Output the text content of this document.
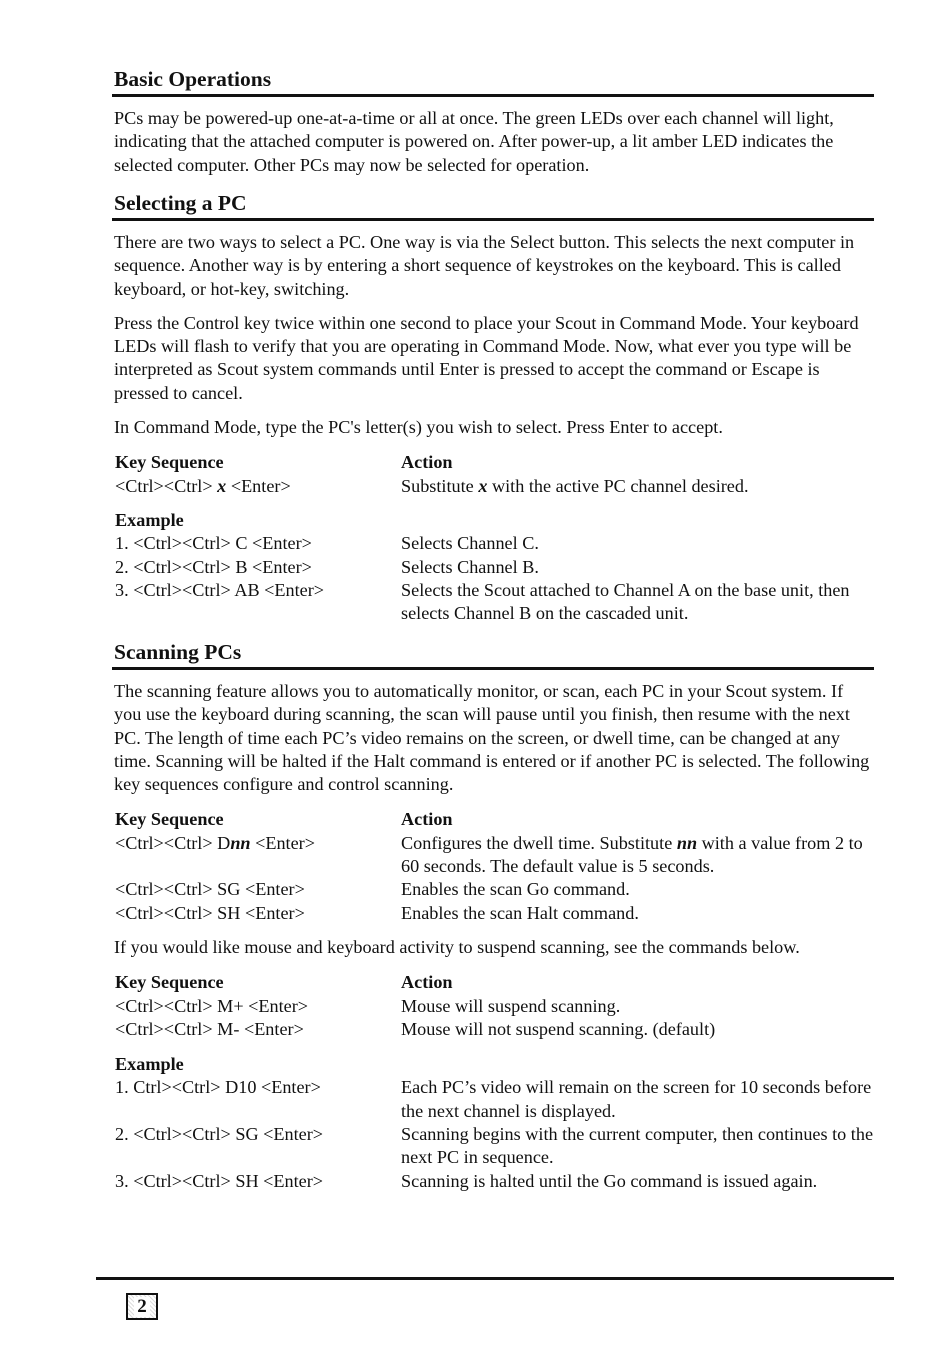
Basic Operations

PCs may be powered-up one-at-a-time or all at once. The green LEDs over each channel will light, indicating that the attached computer is powered on. After power-up, a lit amber LED indicates the selected computer. Other PCs may now be selected for operation.

Selecting a PC

There are two ways to select a PC. One way is via the Select button. This selects the next computer in sequence. Another way is by entering a short sequence of keystrokes on the keyboard. This is called keyboard, or hot-key, switching.

Press the Control key twice within one second to place your Scout in Command Mode. Your keyboard LEDs will flash to verify that you are operating in Command Mode. Now, what ever you type will be interpreted as Scout system commands until Enter is pressed to accept the command or Escape is pressed to cancel.

In Command Mode, type the PC's letter(s) you wish to select. Press Enter to accept.

Key Sequence	Action
<Ctrl><Ctrl> x <Enter>	Substitute x with the active PC channel desired.
Example
1. <Ctrl><Ctrl> C <Enter>	Selects Channel C.
2. <Ctrl><Ctrl> B <Enter>	Selects Channel B.
3. <Ctrl><Ctrl> AB <Enter>	Selects the Scout attached to Channel A on the base unit, then selects Channel B on the cascaded unit.
Scanning PCs

The scanning feature allows you to automatically monitor, or scan, each PC in your Scout system. If you use the keyboard during scanning, the scan will pause until you finish, then resume with the next PC. The length of time each PC’s video remains on the screen, or dwell time, can be changed at any time. Scanning will be halted if the Halt command is entered or if another PC is selected. The following key sequences configure and control scanning.

Key Sequence	Action
<Ctrl><Ctrl> Dnn <Enter>	Configures the dwell time. Substitute nn with a value from 2 to 60 seconds. The default value is 5 seconds.
<Ctrl><Ctrl> SG <Enter>	Enables the scan Go command.
<Ctrl><Ctrl> SH <Enter>	Enables the scan Halt command.

If you would like mouse and keyboard activity to suspend scanning, see the commands below.

Key Sequence	Action
<Ctrl><Ctrl> M+ <Enter>	Mouse will suspend scanning.
<Ctrl><Ctrl> M- <Enter>	Mouse will not suspend scanning. (default)
Example
1. Ctrl><Ctrl> D10 <Enter>	Each PC’s video will remain on the screen for 10 seconds before the next channel is displayed.
2. <Ctrl><Ctrl> SG <Enter>	Scanning begins with the current computer, then continues to the next PC in sequence.
3. <Ctrl><Ctrl> SH <Enter>	Scanning is halted until the Go command is issued again.
2
